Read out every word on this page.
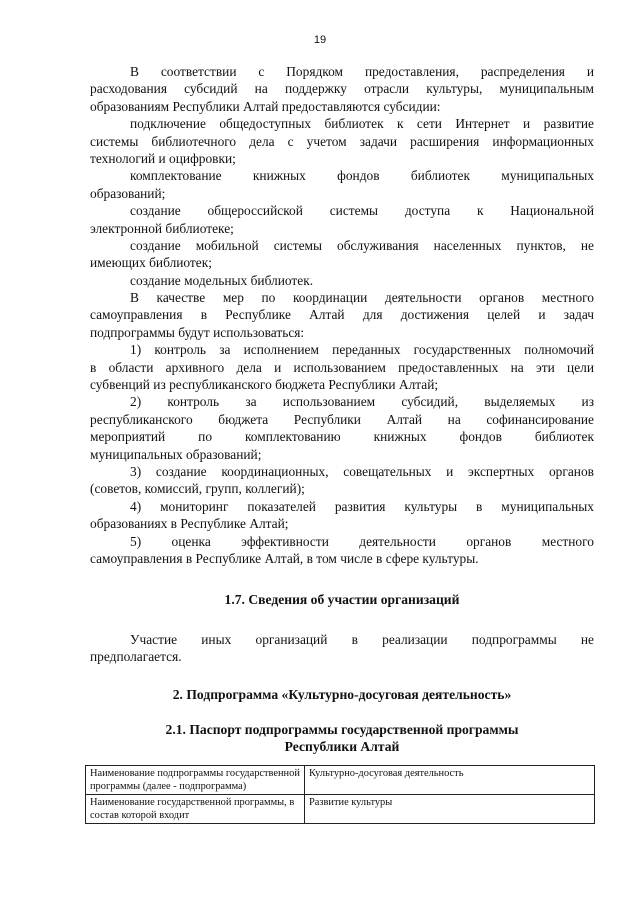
19
В соответствии с Порядком предоставления, распределения и
расходования субсидий на поддержку отрасли культуры, муниципальным
образованиям Республики Алтай предоставляются субсидии:
подключение общедоступных библиотек к сети Интернет и развитие
системы библиотечного дела с учетом задачи расширения информационных
технологий и оцифровки;
комплектование книжных фондов библиотек муниципальных
образований;
создание общероссийской системы доступа к Национальной
электронной библиотеке;
создание мобильной системы обслуживания населенных пунктов, не
имеющих библиотек;
создание модельных библиотек.
В качестве мер по координации деятельности органов местного
самоуправления в Республике Алтай для достижения целей и задач
подпрограммы будут использоваться:
1) контроль за исполнением переданных государственных полномочий
в области архивного дела и использованием предоставленных на эти цели
субвенций из республиканского бюджета Республики Алтай;
2) контроль за использованием субсидий, выделяемых из
республиканского бюджета Республики Алтай на софинансирование
мероприятий по комплектованию книжных фондов библиотек
муниципальных образований;
3) создание координационных, совещательных и экспертных органов
(советов, комиссий, групп, коллегий);
4) мониторинг показателей развития культуры в муниципальных
образованиях в Республике Алтай;
5) оценка эффективности деятельности органов местного
самоуправления в Республике Алтай, в том числе в сфере культуры.
1.7. Сведения об участии организаций
Участие иных организаций в реализации подпрограммы не
предполагается.
2. Подпрограмма «Культурно-досуговая деятельность»
2.1. Паспорт подпрограммы государственной программы
Республики Алтай
Наименование подпрограммы государственной программы (далее - подпрограмма)	Культурно-досуговая деятельность
Наименование государственной программы, в состав которой входит	Развитие культуры
